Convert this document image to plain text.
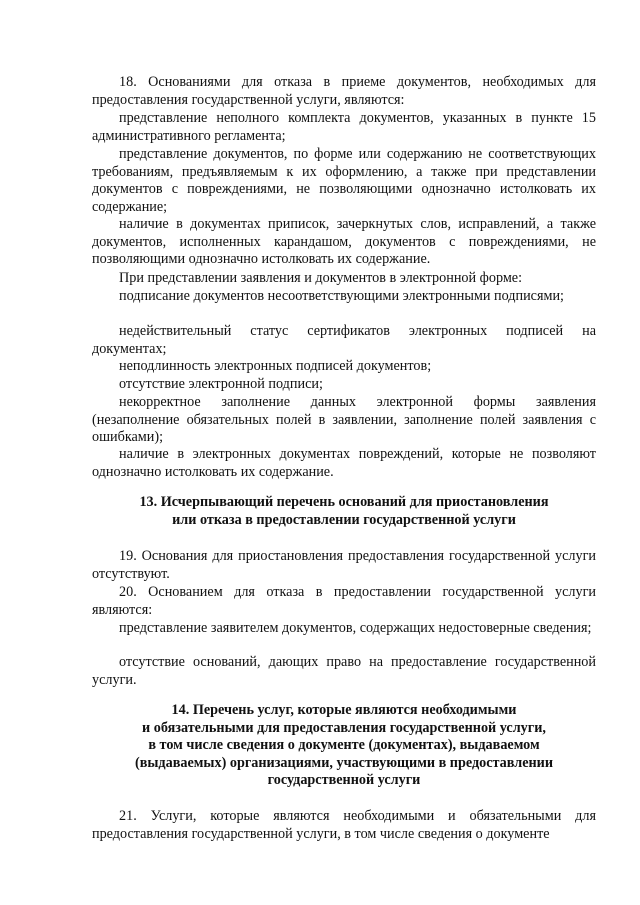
18. Основаниями для отказа в приеме документов, необходимых для предоставления государственной услуги, являются:

представление неполного комплекта документов, указанных в пункте 15 административного регламента;

представление документов, по форме или содержанию не соответствующих требованиям, предъявляемым к их оформлению, а также при представлении документов с повреждениями, не позволяющими однозначно истолковать их содержание;

наличие в документах приписок, зачеркнутых слов, исправлений, а также документов, исполненных карандашом, документов с повреждениями, не позволяющими однозначно истолковать их содержание.

При представлении заявления и документов в электронной форме:

подписание документов несоответствующими электронными подписями;

недействительный статус сертификатов электронных подписей на документах;

неподлинность электронных подписей документов;

отсутствие электронной подписи;

некорректное заполнение данных электронной формы заявления (незаполнение обязательных полей в заявлении, заполнение полей заявления с ошибками);

наличие в электронных документах повреждений, которые не позволяют однозначно истолковать их содержание.

13. Исчерпывающий перечень оснований для приостановления
или отказа в предоставлении государственной услуги

19. Основания для приостановления предоставления государственной услуги отсутствуют.

20. Основанием для отказа в предоставлении государственной услуги являются:

представление заявителем документов, содержащих недостоверные сведения;

отсутствие оснований, дающих право на предоставление государственной услуги.

14. Перечень услуг, которые являются необходимыми
и обязательными для предоставления государственной услуги,
в том числе сведения о документе (документах), выдаваемом
(выдаваемых) организациями, участвующими в предоставлении
государственной услуги

21. Услуги, которые являются необходимыми и обязательными для предоставления государственной услуги, в том числе сведения о документе
